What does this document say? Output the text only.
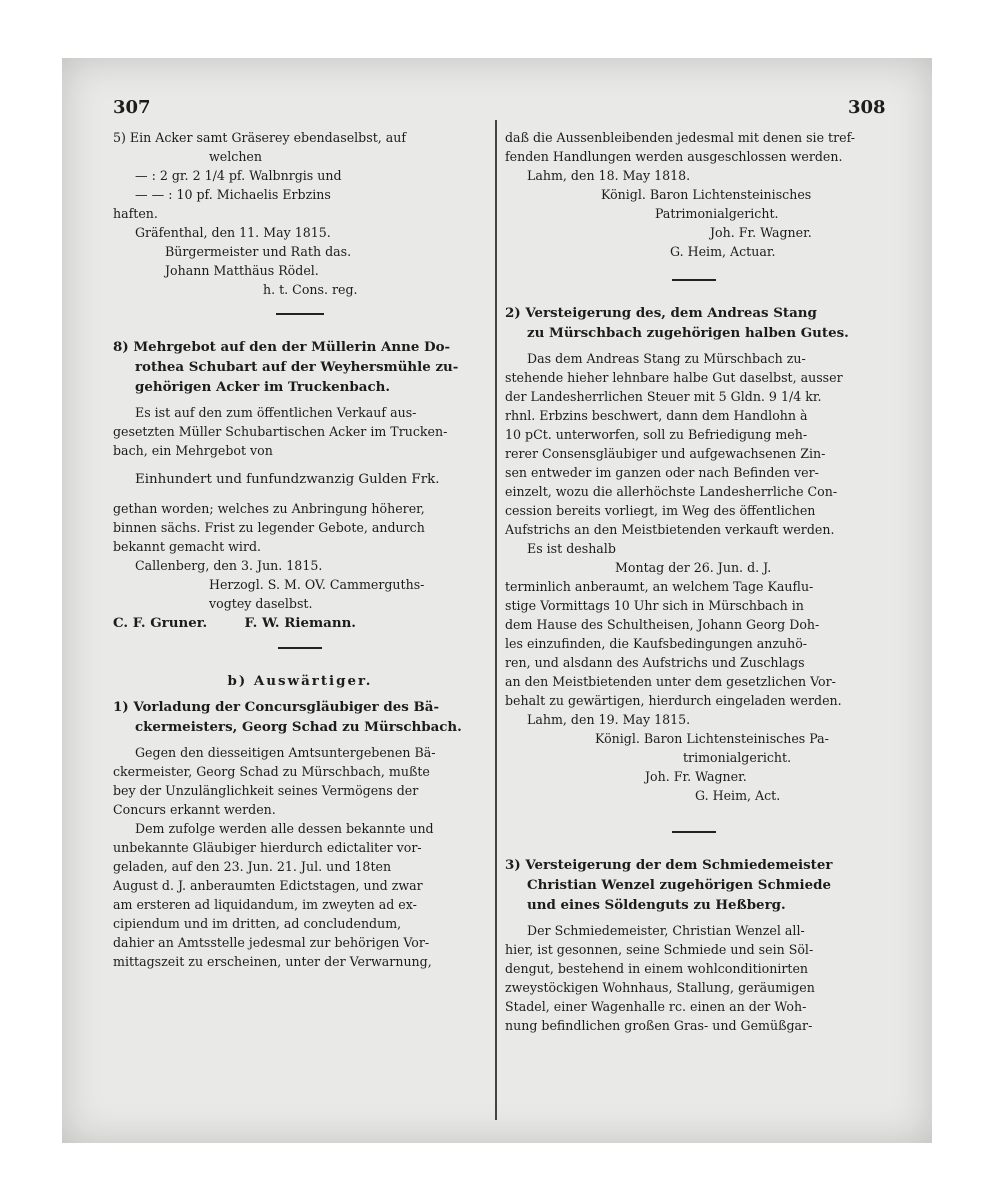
307	308
5) Ein Acker samt Gräserey ebendaselbst, auf
welchen
— : 2 gr. 2 1/4 pf. Walbnrgis und
— — : 10 pf. Michaelis Erbzins
haften.
Gräfenthal, den 11. May 1815.
Bürgermeister und Rath das.
Johann Matthäus Rödel.
h. t. Cons. reg.
8) Mehrgebot auf den der Müllerin Anne Do-
rothea Schubart auf der Weyhersmühle zu-
gehörigen Acker im Truckenbach.
Es ist auf den zum öffentlichen Verkauf aus-
gesetzten Müller Schubartischen Acker im Trucken-
bach, ein Mehrgebot von
Einhundert und funfundzwanzig Gulden Frk.
gethan worden; welches zu Anbringung höherer,
binnen sächs. Frist zu legender Gebote, andurch
bekannt gemacht wird.
Callenberg, den 3. Jun. 1815.
Herzogl. S. M. OV. Cammerguths-
vogtey daselbst.
C. F. Gruner.        F. W. Riemann.
b) Auswärtiger.
1) Vorladung der Concursgläubiger des Bä-
ckermeisters, Georg Schad zu Mürschbach.
Gegen den diesseitigen Amtsuntergebenen Bä-
ckermeister, Georg Schad zu Mürschbach, mußte
bey der Unzulänglichkeit seines Vermögens der
Concurs erkannt werden.
Dem zufolge werden alle dessen bekannte und
unbekannte Gläubiger hierdurch edictaliter vor-
geladen, auf den 23. Jun. 21. Jul. und 18ten
August d. J. anberaumten Edictstagen, und zwar
am ersteren ad liquidandum, im zweyten ad ex-
cipiendum und im dritten, ad concludendum,
dahier an Amtsstelle jedesmal zur behörigen Vor-
mittagszeit zu erscheinen, unter der Verwarnung,
daß die Aussenbleibenden jedesmal mit denen sie tref-
fenden Handlungen werden ausgeschlossen werden.
Lahm, den 18. May 1818.
Königl. Baron Lichtensteinisches
Patrimonialgericht.
Joh. Fr. Wagner.
G. Heim, Actuar.
2) Versteigerung des, dem Andreas Stang
zu Mürschbach zugehörigen halben Gutes.
Das dem Andreas Stang zu Mürschbach zu-
stehende hieher lehnbare halbe Gut daselbst, ausser
der Landesherrlichen Steuer mit 5 Gldn. 9 1/4 kr.
rhnl. Erbzins beschwert, dann dem Handlohn à
10 pCt. unterworfen, soll zu Befriedigung meh-
rerer Consensgläubiger und aufgewachsenen Zin-
sen entweder im ganzen oder nach Befinden ver-
einzelt, wozu die allerhöchste Landesherrliche Con-
cession bereits vorliegt, im Weg des öffentlichen
Aufstrichs an den Meistbietenden verkauft werden.
Es ist deshalb
Montag der 26. Jun. d. J.
terminlich anberaumt, an welchem Tage Kauflu-
stige Vormittags 10 Uhr sich in Mürschbach in
dem Hause des Schultheisen, Johann Georg Doh-
les einzufinden, die Kaufsbedingungen anzuhö-
ren, und alsdann des Aufstrichs und Zuschlags
an den Meistbietenden unter dem gesetzlichen Vor-
behalt zu gewärtigen, hierdurch eingeladen werden.
Lahm, den 19. May 1815.
Königl. Baron Lichtensteinisches Pa-
trimonialgericht.
Joh. Fr. Wagner.
G. Heim, Act.
3) Versteigerung der dem Schmiedemeister
Christian Wenzel zugehörigen Schmiede
und eines Söldenguts zu Heßberg.
Der Schmiedemeister, Christian Wenzel all-
hier, ist gesonnen, seine Schmiede und sein Söl-
dengut, bestehend in einem wohlconditionirten
zweystöckigen Wohnhaus, Stallung, geräumigen
Stadel, einer Wagenhalle rc. einen an der Woh-
nung befindlichen großen Gras- und Gemüßgar-
